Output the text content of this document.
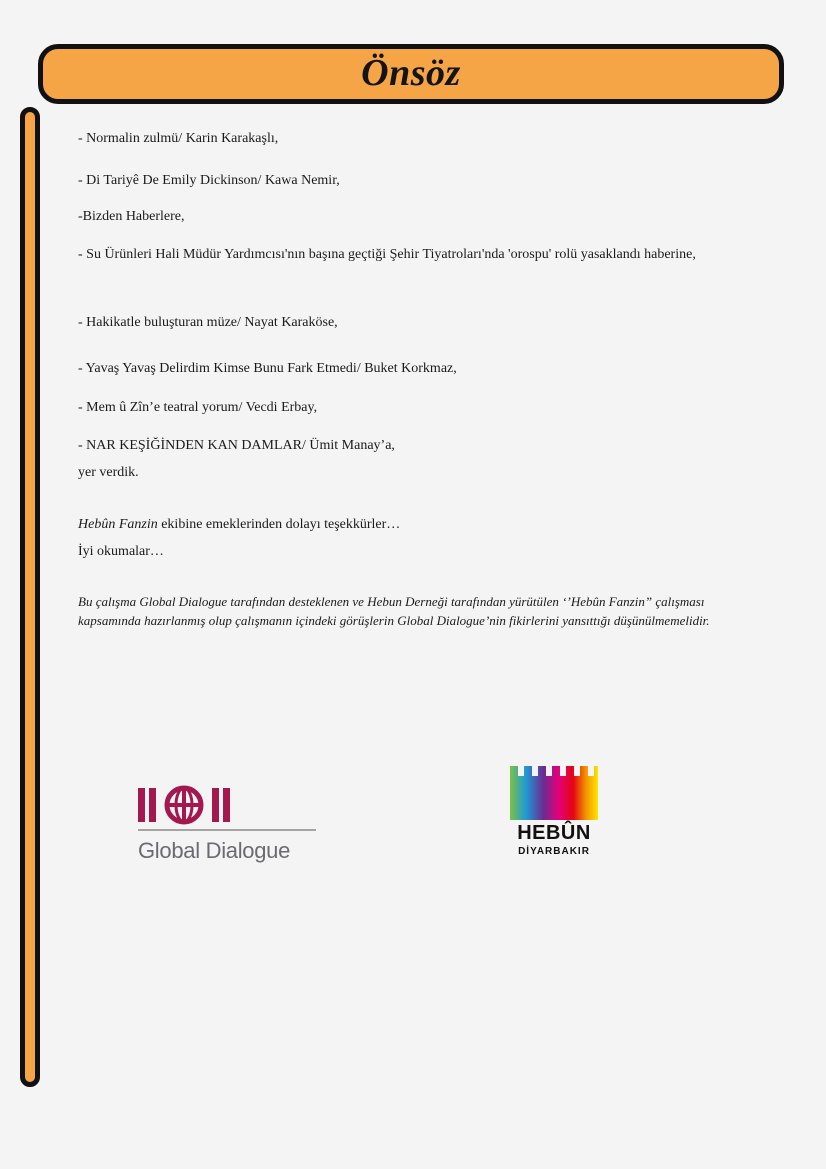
Önsöz
- Normalin zulmü/ Karin Karakaşlı,
- Di Tariyê De Emily Dickinson/ Kawa Nemir,
-Bizden Haberlere,
- Su Ürünleri Hali Müdür Yardımcısı'nın başına geçtiği Şehir Tiyatroları'nda 'orospu' rolü yasaklandı haberine,
- Hakikatle buluşturan müze/ Nayat Karaköse,
- Yavaş Yavaş Delirdim Kimse Bunu Fark Etmedi/ Buket Korkmaz,
- Mem û Zîn’e teatral yorum/ Vecdi Erbay,
- NAR KEŞİĞİNDEN KAN DAMLAR/ Ümit Manay’a,
yer verdik.
Hebûn Fanzin ekibine emeklerinden dolayı teşekkürler…
İyi okumalar…
Bu çalışma Global Dialogue tarafından desteklenen ve Hebun Derneği tarafından yürütülen ‘’Hebûn Fanzin” çalışması kapsamında hazırlanmış olup çalışmanın içindeki görüşlerin Global Dialogue’nin fikirlerini yansıttığı düşünülmemelidir.
Global Dialogue
HEBÛN
DİYARBAKIR
